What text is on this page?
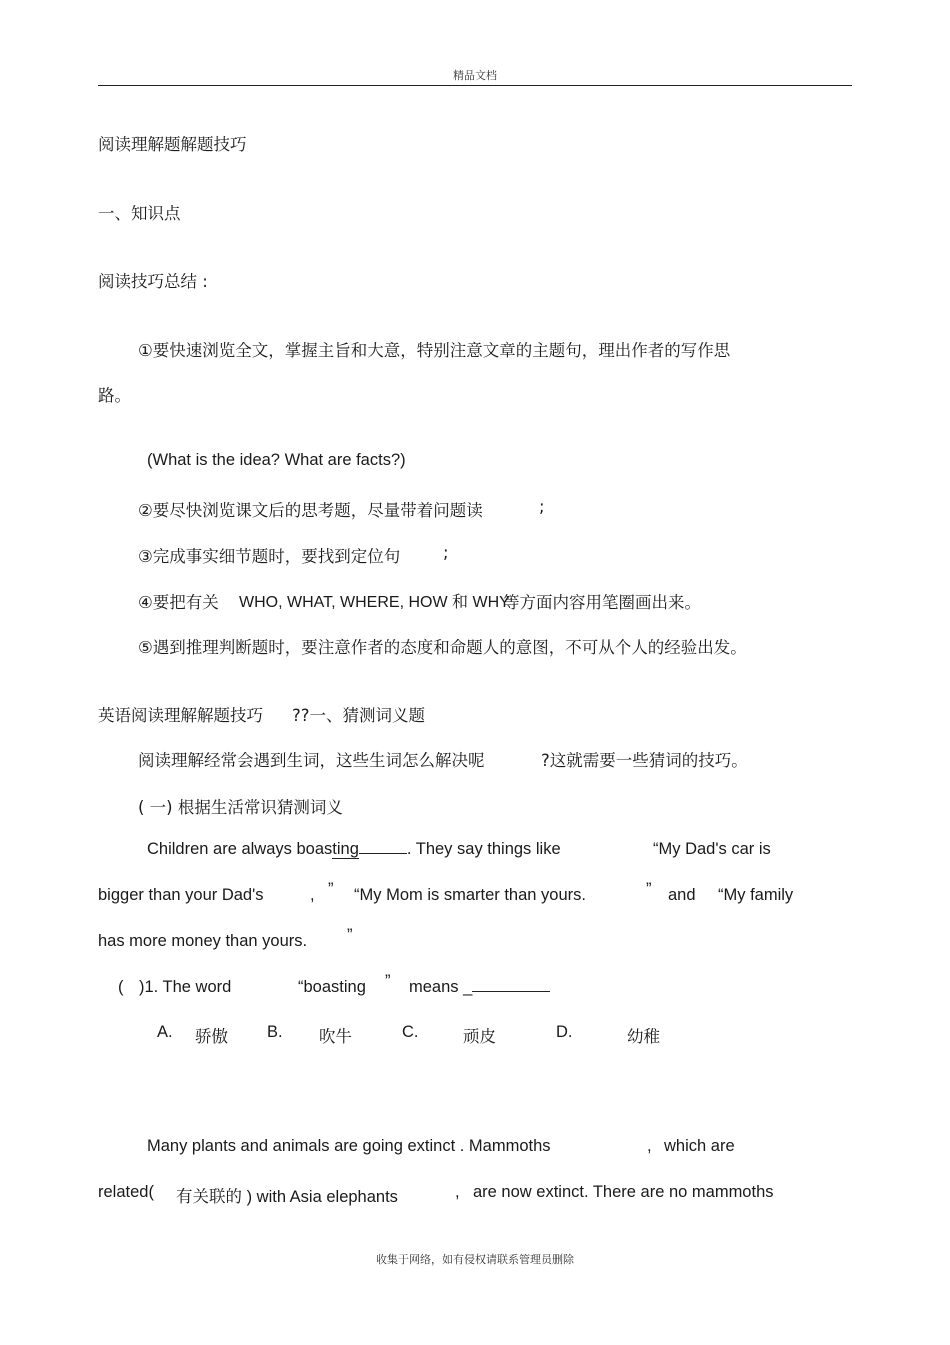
精品文档
阅读理解题解题技巧
一、知识点
阅读技巧总结 :
①要快速浏览全文，掌握主旨和大意，特别注意文章的主题句，理出作者的写作思
路。
(What is the idea? What are facts?)
②要尽快浏览课文后的思考题，尽量带着问题读	;
③完成事实细节题时，要找到定位句	;
④要把有关 WHO, WHAT, WHERE, HOW 和 WHY
等方面内容用笔圈画出来。
⑤遇到推理判断题时，要注意作者的态度和命题人的意图，不可从个人的经验出发。
英语阅读理解解题技巧 ??一、猜测词义题
阅读理解经常会遇到生词，这些生词怎么解决呢	?这就需要一些猜词的技巧。
( 一) 根据生活常识猜测词义
Children are always boasting	. They say things like	“My Dad's car is
bigger than your Dad's	, ” “My Mom is smarter than yours.	” and “My family
has more money than yours. ”
( )1. The word	“boasting ” means _
A. 骄傲 B. 吹牛	C.	顽皮	D.	幼稚
Many plants and animals are going extinct . Mammoths	, which are
related( 有关联的 ) with Asia elephants	, are now extinct. There are no mammoths
收集于网络，如有侵权请联系管理员删除
